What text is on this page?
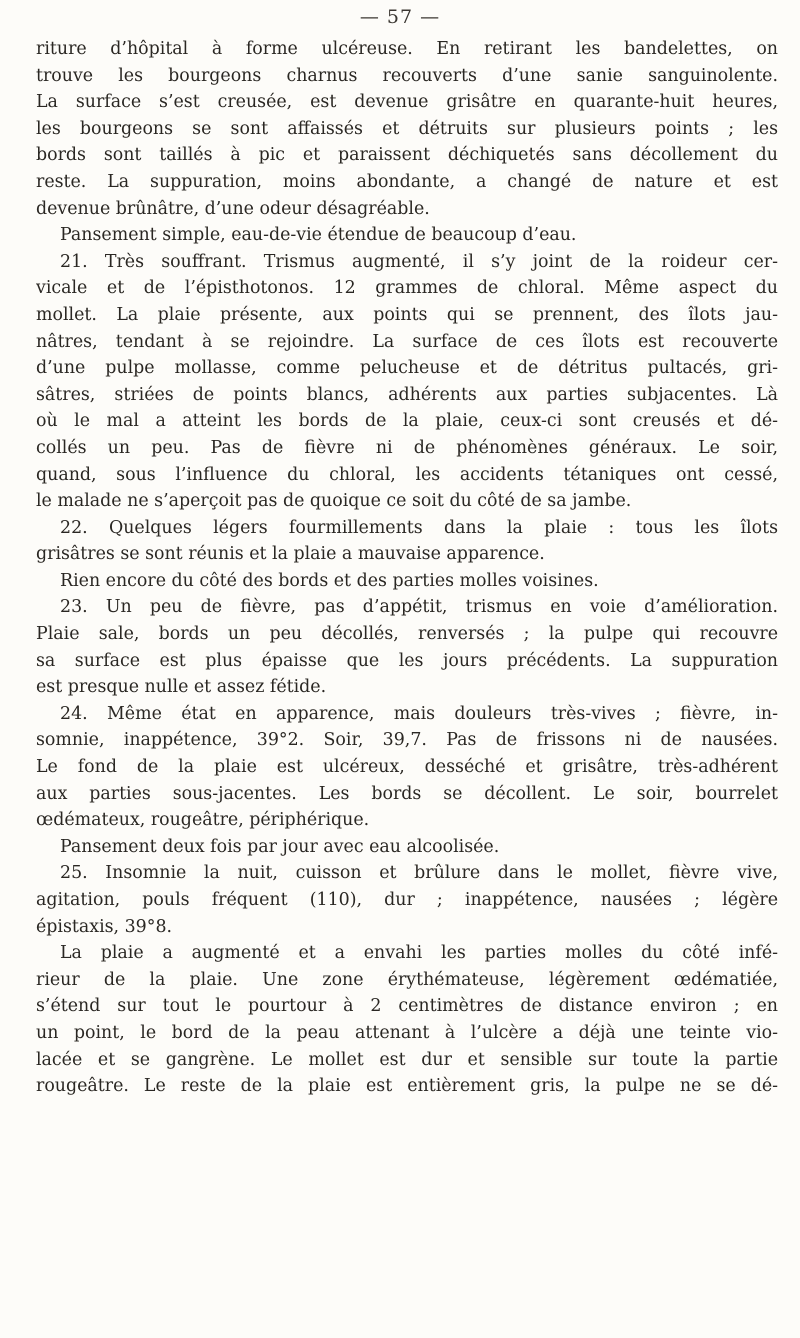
— 57 —
riture d’hôpital à forme ulcéreuse. En retirant les bandelettes, on
trouve les bourgeons charnus recouverts d’une sanie sanguinolente.
La surface s’est creusée, est devenue grisâtre en quarante-huit heures,
les bourgeons se sont affaissés et détruits sur plusieurs points ; les
bords sont taillés à pic et paraissent déchiquetés sans décollement du
reste. La suppuration, moins abondante, a changé de nature et est
devenue brûnâtre, d’une odeur désagréable.
Pansement simple, eau-de-vie étendue de beaucoup d’eau.
21. Très souffrant. Trismus augmenté, il s’y joint de la roideur cer-
vicale et de l’épisthotonos. 12 grammes de chloral. Même aspect du
mollet. La plaie présente, aux points qui se prennent, des îlots jau-
nâtres, tendant à se rejoindre. La surface de ces îlots est recouverte
d’une pulpe mollasse, comme pelucheuse et de détritus pultacés, gri-
sâtres, striées de points blancs, adhérents aux parties subjacentes. Là
où le mal a atteint les bords de la plaie, ceux-ci sont creusés et dé-
collés un peu. Pas de fièvre ni de phénomènes généraux. Le soir,
quand, sous l’influence du chloral, les accidents tétaniques ont cessé,
le malade ne s’aperçoit pas de quoique ce soit du côté de sa jambe.
22. Quelques légers fourmillements dans la plaie : tous les îlots
grisâtres se sont réunis et la plaie a mauvaise apparence.
Rien encore du côté des bords et des parties molles voisines.
23. Un peu de fièvre, pas d’appétit, trismus en voie d’amélioration.
Plaie sale, bords un peu décollés, renversés ; la pulpe qui recouvre
sa surface est plus épaisse que les jours précédents. La suppuration
est presque nulle et assez fétide.
24. Même état en apparence, mais douleurs très-vives ; fièvre, in-
somnie, inappétence, 39°2. Soir, 39,7. Pas de frissons ni de nausées.
Le fond de la plaie est ulcéreux, desséché et grisâtre, très-adhérent
aux parties sous-jacentes. Les bords se décollent. Le soir, bourrelet
œdémateux, rougeâtre, périphérique.
Pansement deux fois par jour avec eau alcoolisée.
25. Insomnie la nuit, cuisson et brûlure dans le mollet, fièvre vive,
agitation, pouls fréquent (110), dur ; inappétence, nausées ; légère
épistaxis, 39°8.
La plaie a augmenté et a envahi les parties molles du côté infé-
rieur de la plaie. Une zone érythémateuse, légèrement œdématiée,
s’étend sur tout le pourtour à 2 centimètres de distance environ ; en
un point, le bord de la peau attenant à l’ulcère a déjà une teinte vio-
lacée et se gangrène. Le mollet est dur et sensible sur toute la partie
rougeâtre. Le reste de la plaie est entièrement gris, la pulpe ne se dé-
